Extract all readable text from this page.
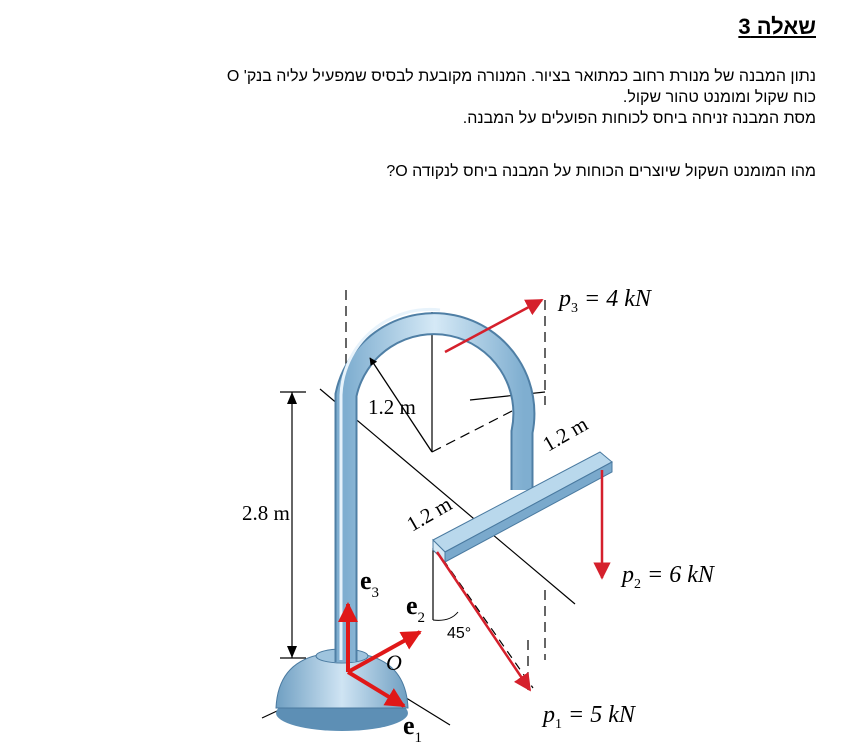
שאלה 3
נתון המבנה של מנורת רחוב כמתואר בציור. המנורה מקובעת לבסיס שמפעיל עליה בנק' O
כוח שקול ומומנט טהור שקול.
מסת המבנה זניחה ביחס לכוחות הפועלים על המבנה.
מהו המומנט השקול שיוצרים הכוחות על המבנה ביחס לנקודה O?
2.8 m
1.2 m
1.2 m
1.2 m
$p_3 = 4$ kN
$p_2 = 6$ kN
$p_1 = 5$ kN
45°
O
$e_3$ $e_2$
$e_1$
